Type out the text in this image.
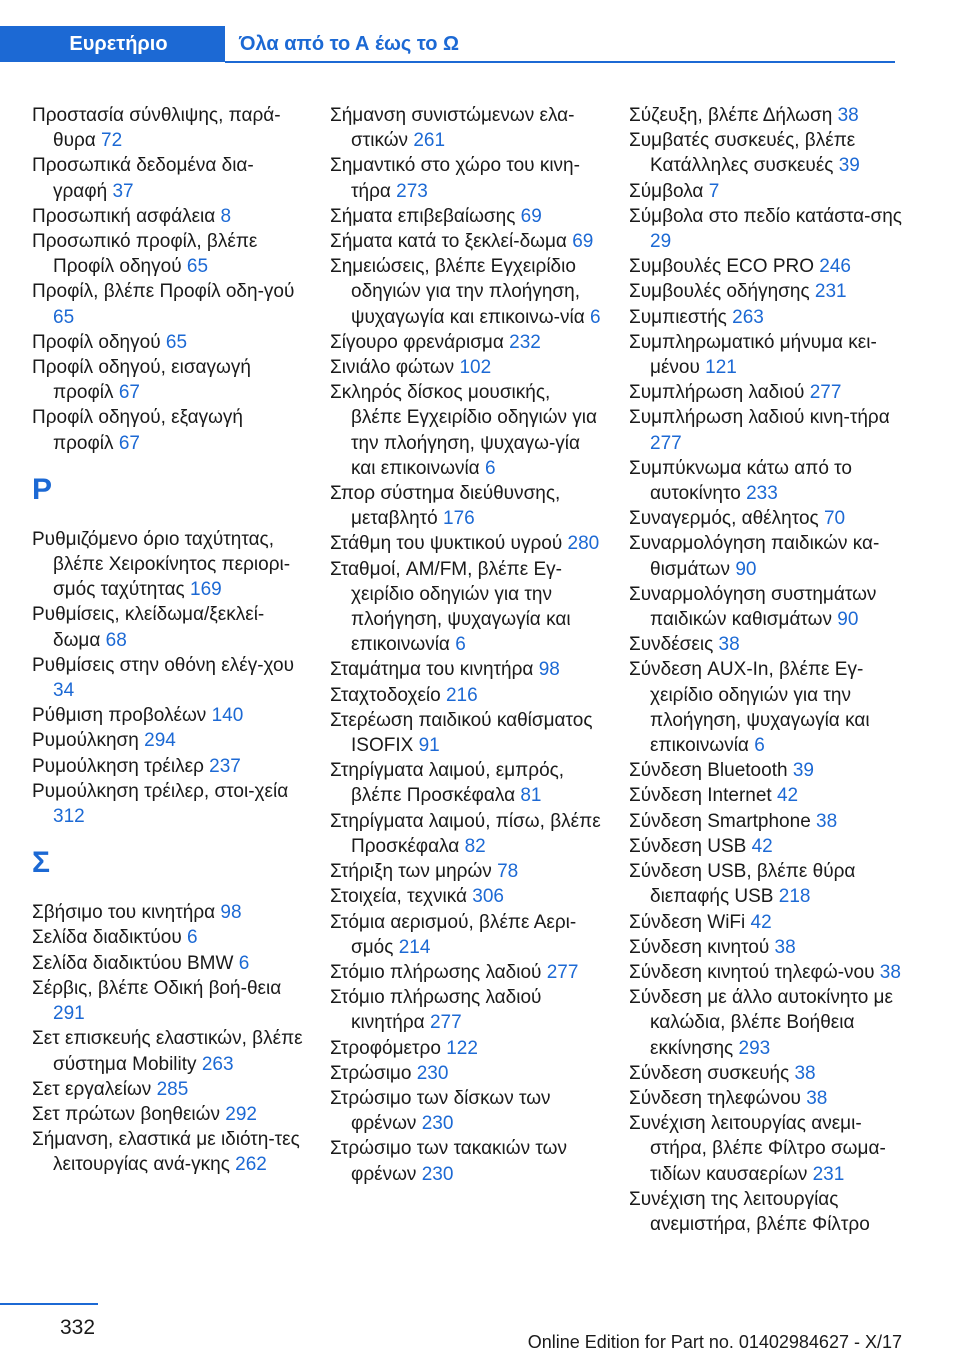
Ευρετήριο	Όλα από το Α έως το Ω
Προστασία σύνθλιψης, παρά‐θυρα 72
Προσωπικά δεδομένα δια‐γραφή 37
Προσωπική ασφάλεια 8
Προσωπικό προφίλ, βλέπε Προφίλ οδηγού 65
Προφίλ, βλέπε Προφίλ οδη‐γού 65
Προφίλ οδηγού 65
Προφίλ οδηγού, εισαγωγή προφίλ 67
Προφίλ οδηγού, εξαγωγή προφίλ 67
Ρ
Ρυθμιζόμενο όριο ταχύτητας, βλέπε Χειροκίνητος περιορι‐σμός ταχύτητας 169
Ρυθμίσεις, κλείδωμα/ξεκλεί‐δωμα 68
Ρυθμίσεις στην οθόνη ελέγ‐χου 34
Ρύθμιση προβολέων 140
Ρυμούλκηση 294
Ρυμούλκηση τρέιλερ 237
Ρυμούλκηση τρέιλερ, στοι‐χεία 312
Σ
Σβήσιμο του κινητήρα 98
Σελίδα διαδικτύου 6
Σελίδα διαδικτύου BMW 6
Σέρβις, βλέπε Οδική βοή‐θεια 291
Σετ επισκευής ελαστικών, βλέπε σύστημα Mobility 263
Σετ εργαλείων 285
Σετ πρώτων βοηθειών 292
Σήμανση, ελαστικά με ιδιότη‐τες λειτουργίας ανά‐γκης 262
Σήμανση συνιστώμενων ελα‐στικών 261
Σημαντικό στο χώρο του κινη‐τήρα 273
Σήματα επιβεβαίωσης 69
Σήματα κατά το ξεκλεί‐δωμα 69
Σημειώσεις, βλέπε Εγχειρίδιο οδηγιών για την πλοήγηση, ψυχαγωγία και επικοινω‐νία 6
Σίγουρο φρενάρισμα 232
Σινιάλο φώτων 102
Σκληρός δίσκος μουσικής, βλέπε Εγχειρίδιο οδηγιών για την πλοήγηση, ψυχαγω‐γία και επικοινωνία 6
Σπορ σύστημα διεύθυνσης, μεταβλητό 176
Στάθμη του ψυκτικού υγρού 280
Σταθμοί, AM/FM, βλέπε Εγ‐χειρίδιο οδηγιών για την πλοήγηση, ψυχαγωγία και επικοινωνία 6
Σταμάτημα του κινητήρα 98
Σταχτοδοχείο 216
Στερέωση παιδικού καθίσματος ISOFIX 91
Στηρίγματα λαιμού, εμπρός, βλέπε Προσκέφαλα 81
Στηρίγματα λαιμού, πίσω, βλέπε Προσκέφαλα 82
Στήριξη των μηρών 78
Στοιχεία, τεχνικά 306
Στόμια αερισμού, βλέπε Αερι‐σμός 214
Στόμιο πλήρωσης λαδιού 277
Στόμιο πλήρωσης λαδιού κινητήρα 277
Στροφόμετρο 122
Στρώσιμο 230
Στρώσιμο των δίσκων των φρένων 230
Στρώσιμο των τακακιών των φρένων 230
Σύζευξη, βλέπε Δήλωση 38
Συμβατές συσκευές, βλέπε Κατάλληλες συσκευές 39
Σύμβολα 7
Σύμβολα στο πεδίο κατάστα‐σης 29
Συμβουλές ECO PRO 246
Συμβουλές οδήγησης 231
Συμπιεστής 263
Συμπληρωματικό μήνυμα κει‐μένου 121
Συμπλήρωση λαδιού 277
Συμπλήρωση λαδιού κινη‐τήρα 277
Συμπύκνωμα κάτω από το αυτοκίνητο 233
Συναγερμός, αθέλητος 70
Συναρμολόγηση παιδικών κα‐θισμάτων 90
Συναρμολόγηση συστημάτων παιδικών καθισμάτων 90
Συνδέσεις 38
Σύνδεση AUX-In, βλέπε Εγ‐χειρίδιο οδηγιών για την πλοήγηση, ψυχαγωγία και επικοινωνία 6
Σύνδεση Bluetooth 39
Σύνδεση Internet 42
Σύνδεση Smartphone 38
Σύνδεση USB 42
Σύνδεση USB, βλέπε θύρα διεπαφής USB 218
Σύνδεση WiFi 42
Σύνδεση κινητού 38
Σύνδεση κινητού τηλεφώ‐νου 38
Σύνδεση με άλλο αυτοκίνητο με καλώδια, βλέπε Βοήθεια εκκίνησης 293
Σύνδεση συσκευής 38
Σύνδεση τηλεφώνου 38
Συνέχιση λειτουργίας ανεμι‐στήρα, βλέπε Φίλτρο σωμα‐τιδίων καυσαερίων 231
Συνέχιση της λειτουργίας ανεμιστήρα, βλέπε Φίλτρο
332
Online Edition for Part no. 01402984627 - X/17
